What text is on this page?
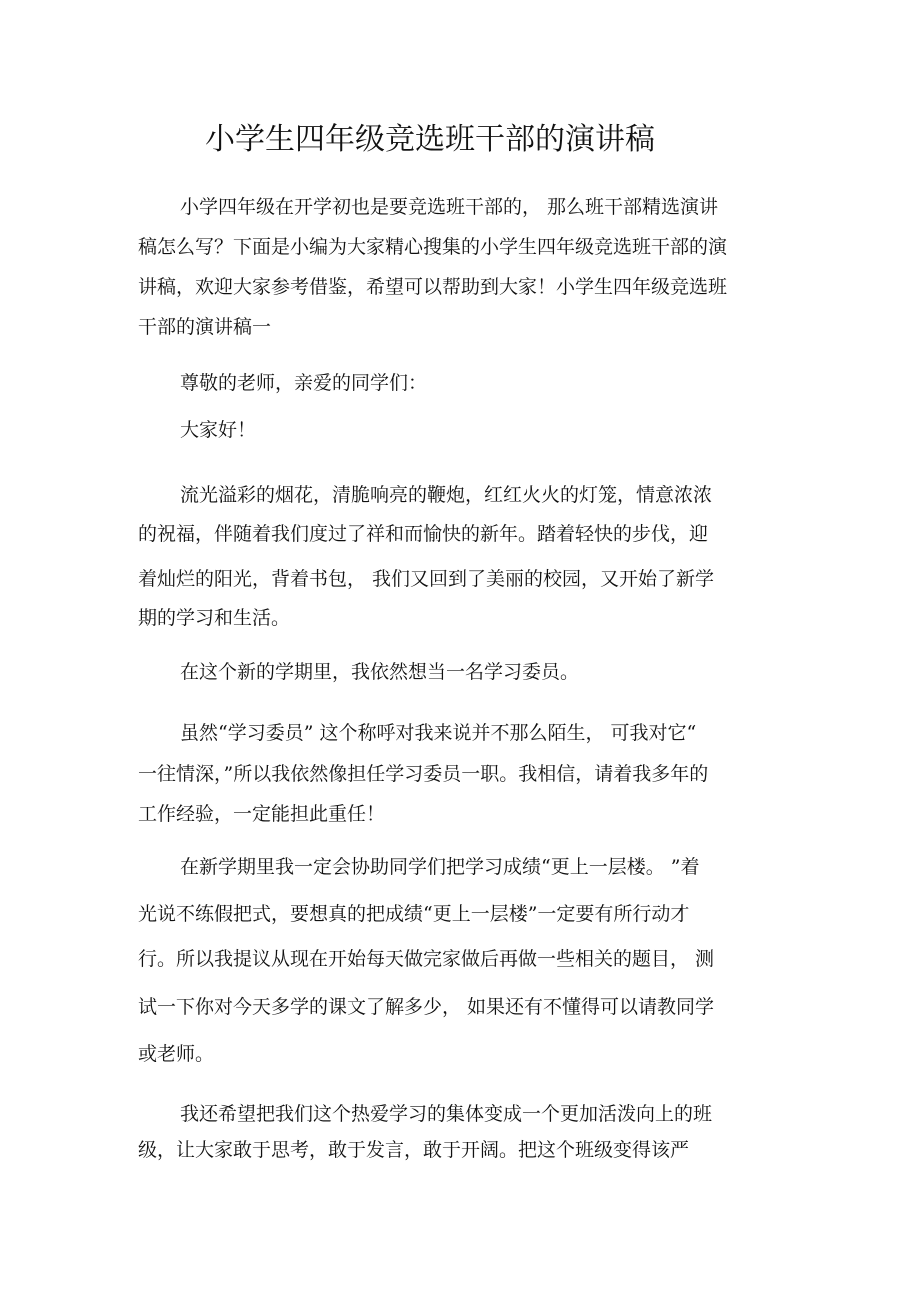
小学生四年级竞选班干部的演讲稿
小学四年级在开学初也是要竞选班干部的， 那么班干部精选演讲
稿怎么写？下面是小编为大家精心搜集的小学生四年级竞选班干部的演
讲稿，欢迎大家参考借鉴，希望可以帮助到大家！小学生四年级竞选班
干部的演讲稿一
尊敬的老师，亲爱的同学们：
大家好！
流光溢彩的烟花，清脆响亮的鞭炮，红红火火的灯笼，情意浓浓
的祝福，伴随着我们度过了祥和而愉快的新年。踏着轻快的步伐，迎
着灿烂的阳光，背着书包， 我们又回到了美丽的校园，又开始了新学
期的学习和生活。
在这个新的学期里，我依然想当一名学习委员。
虽然“学习委员” 这个称呼对我来说并不那么陌生， 可我对它“
一往情深，”所以我依然像担任学习委员一职。我相信，请着我多年的
工作经验，一定能担此重任！
在新学期里我一定会协助同学们把学习成绩“更上一层楼。 ”着
光说不练假把式，要想真的把成绩“更上一层楼”一定要有所行动才
行。所以我提议从现在开始每天做完家做后再做一些相关的题目， 测
试一下你对今天多学的课文了解多少， 如果还有不懂得可以请教同学
或老师。
我还希望把我们这个热爱学习的集体变成一个更加活泼向上的班
级，让大家敢于思考，敢于发言，敢于开阔。把这个班级变得该严
